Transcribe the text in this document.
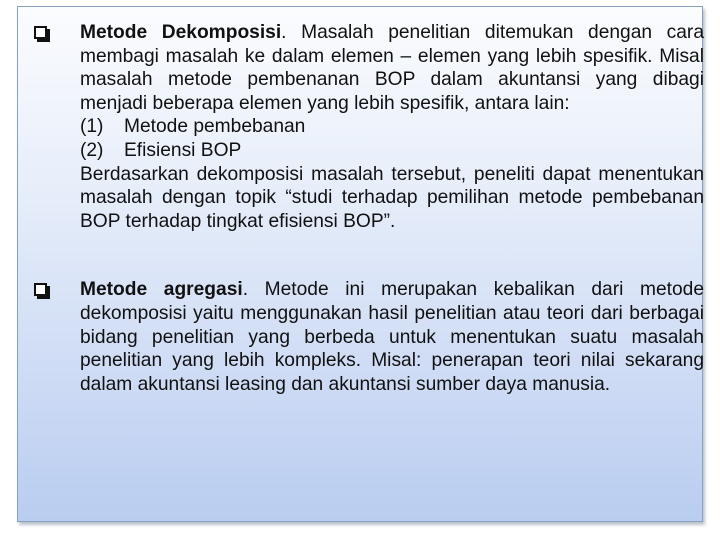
Metode Dekomposisi. Masalah penelitian ditemukan dengan cara membagi masalah ke dalam elemen – elemen yang lebih spesifik. Misal masalah metode pembenanan BOP dalam akuntansi yang dibagi menjadi beberapa elemen yang lebih spesifik, antara lain:
(1) Metode pembebanan
(2) Efisiensi BOP
Berdasarkan dekomposisi masalah tersebut, peneliti dapat menentukan masalah dengan topik “studi terhadap pemilihan metode pembebanan BOP terhadap tingkat efisiensi BOP”.
Metode agregasi. Metode ini merupakan kebalikan dari metode dekomposisi yaitu menggunakan hasil penelitian atau teori dari berbagai bidang penelitian yang berbeda untuk menentukan suatu masalah penelitian yang lebih kompleks. Misal: penerapan teori nilai sekarang dalam akuntansi leasing dan akuntansi sumber daya manusia.
